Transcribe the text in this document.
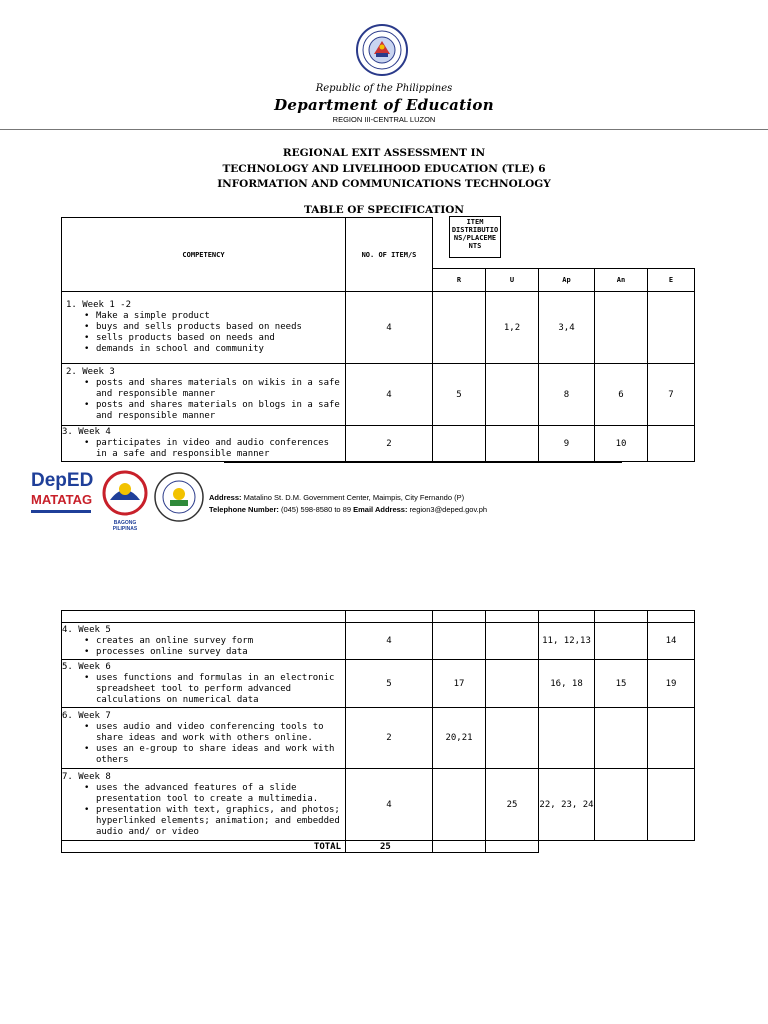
Republic of the Philippines
Department of Education
REGION III-CENTRAL LUZON
REGIONAL EXIT ASSESSMENT IN
TECHNOLOGY AND LIVELIHOOD EDUCATION (TLE) 6
INFORMATION AND COMMUNICATIONS TECHNOLOGY
TABLE OF SPECIFICATION
COMPETENCY	NO. OF ITEM/S					
		R	U	Ap	An	E

1. Week 1 -2
• Make a simple product
• buys and sells products based on needs
• sells products based on needs and
• demands in school and community	4		1,2	3,4		

2. Week 3
• posts and shares materials on wikis in a safe and responsible manner
• posts and shares materials on blogs in a safe and responsible manner	4	5		8	6	7

3. Week 4
• participates in video and audio conferences in a safe and responsible manner	2			9	10	
ITEM DISTRIBUTIO NS/PLACEME NTS
DepED
MATATAG
BAGONG PILIPINAS
Address: Matalino St. D.M. Government Center, Maimpis, City Fernando (P)
Telephone Number: (045) 598-8580 to 89 Email Address: region3@deped.gov.ph

4. Week 5
• creates an online survey form
• processes online survey data	4			11, 12,13		14

5. Week 6
• uses functions and formulas in an electronic spreadsheet tool to perform advanced calculations on numerical data	5	17		16, 18	15	19

6. Week 7
• uses audio and video conferencing tools to share ideas and work with others online.
• uses an e-group to share ideas and work with others	2	20,21				

7. Week 8
• uses the advanced features of a slide presentation tool to create a multimedia.
• presentation with text, graphics, and photos; hyperlinked elements; animation; and embedded audio and/ or video	4		25	22, 23, 24		
TOTAL	25					
